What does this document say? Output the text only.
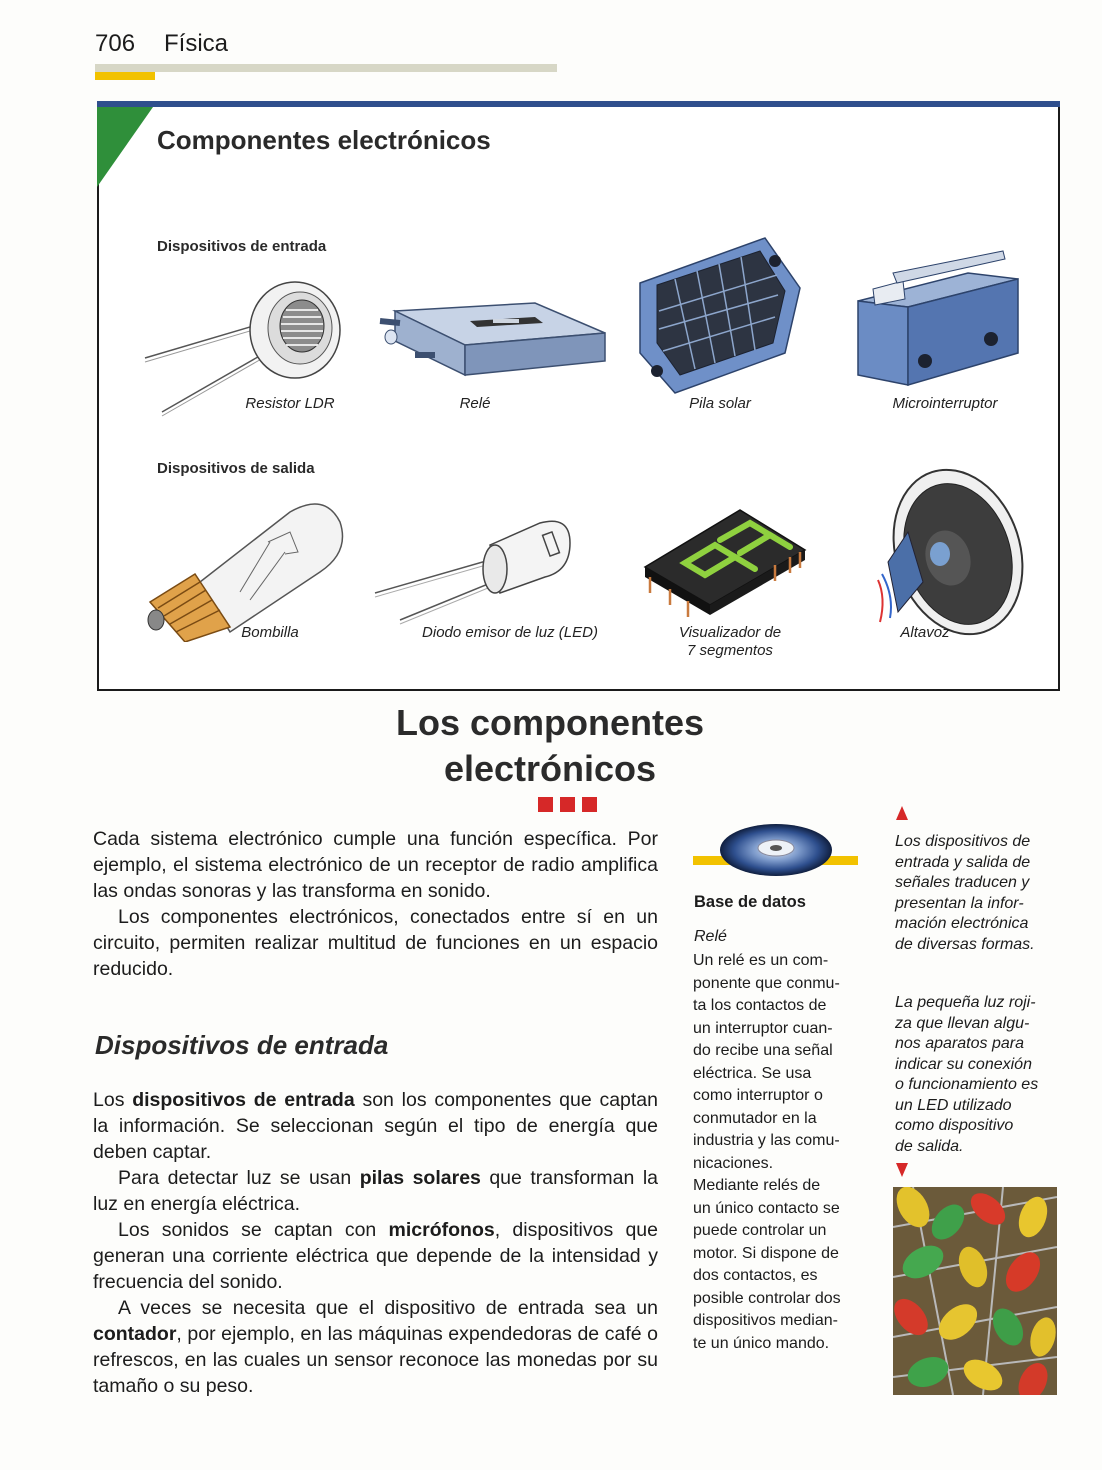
706 Física
Componentes electrónicos
Dispositivos de entrada
Dispositivos de salida
Resistor LDR	Relé	Pila solar	Microinterruptor
Bombilla	Diodo emisor de luz (LED)	Visualizador de
7 segmentos
Altavoz
Los componentes
electrónicos

Cada sistema electrónico cumple una función específica. Por ejemplo, el sistema electrónico de un receptor de radio amplifica las ondas sonoras y las transforma en sonido.

Los componentes electrónicos, conectados entre sí en un circuito, permiten realizar multitud de funciones en un espacio reducido.

Dispositivos de entrada

Los dispositivos de entrada son los componentes que captan la información. Se seleccionan según el tipo de energía que deben captar.

Para detectar luz se usan pilas solares que transforman la luz en energía eléctrica.

Los sonidos se captan con micrófonos, dispositivos que generan una corriente eléctrica que depende de la intensidad y frecuencia del sonido.

A veces se necesita que el dispositivo de entrada sea un contador, por ejemplo, en las máquinas expendedoras de café o refrescos, en las cuales un sensor reconoce las monedas por su tamaño o su peso.

Base de datos
Relé
Un relé es un com-
ponente que conmu-
ta los contactos de
un interruptor cuan-
do recibe una señal
eléctrica. Se usa
como interruptor o
conmutador en la
industria y las comu-
nicaciones.
Mediante relés de
un único contacto se
puede controlar un
motor. Si dispone de
dos contactos, es
posible controlar dos
dispositivos median-
te un único mando.
Los dispositivos de
entrada y salida de
señales traducen y
presentan la infor-
mación electrónica
de diversas formas.
La pequeña luz roji-
za que llevan algu-
nos aparatos para
indicar su conexión
o funcionamiento es
un LED utilizado
como dispositivo
de salida.
